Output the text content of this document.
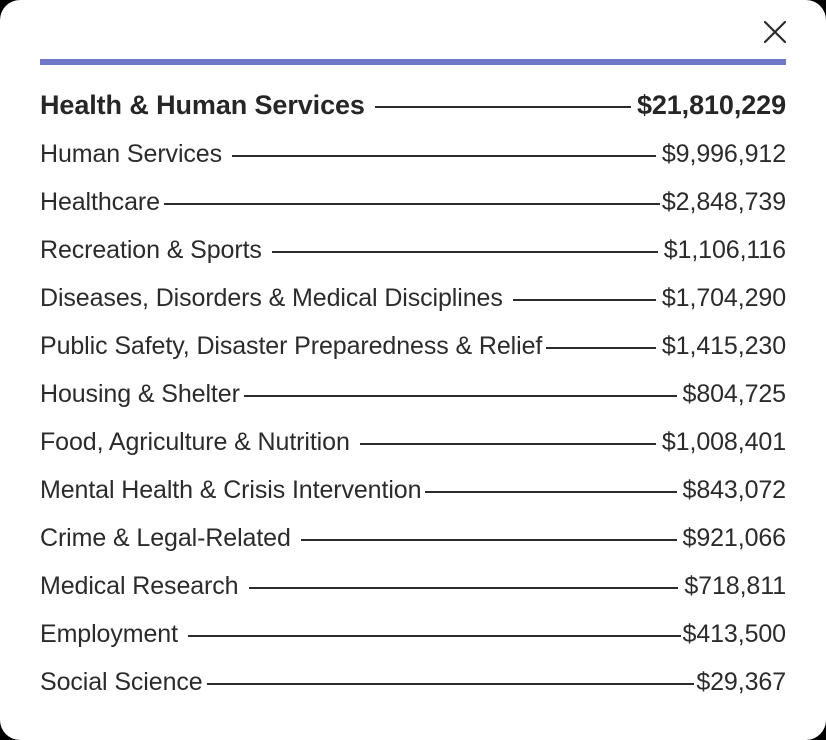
Health & Human Services	$21,810,229
Human Services	$9,996,912
Healthcare	$2,848,739
Recreation & Sports	$1,106,116
Diseases, Disorders & Medical Disciplines	$1,704,290
Public Safety, Disaster Preparedness & Relief	$1,415,230
Housing & Shelter	$804,725
Food, Agriculture & Nutrition	$1,008,401
Mental Health & Crisis Intervention	$843,072
Crime & Legal-Related	$921,066
Medical Research	$718,811
Employment	$413,500
Social Science	$29,367
